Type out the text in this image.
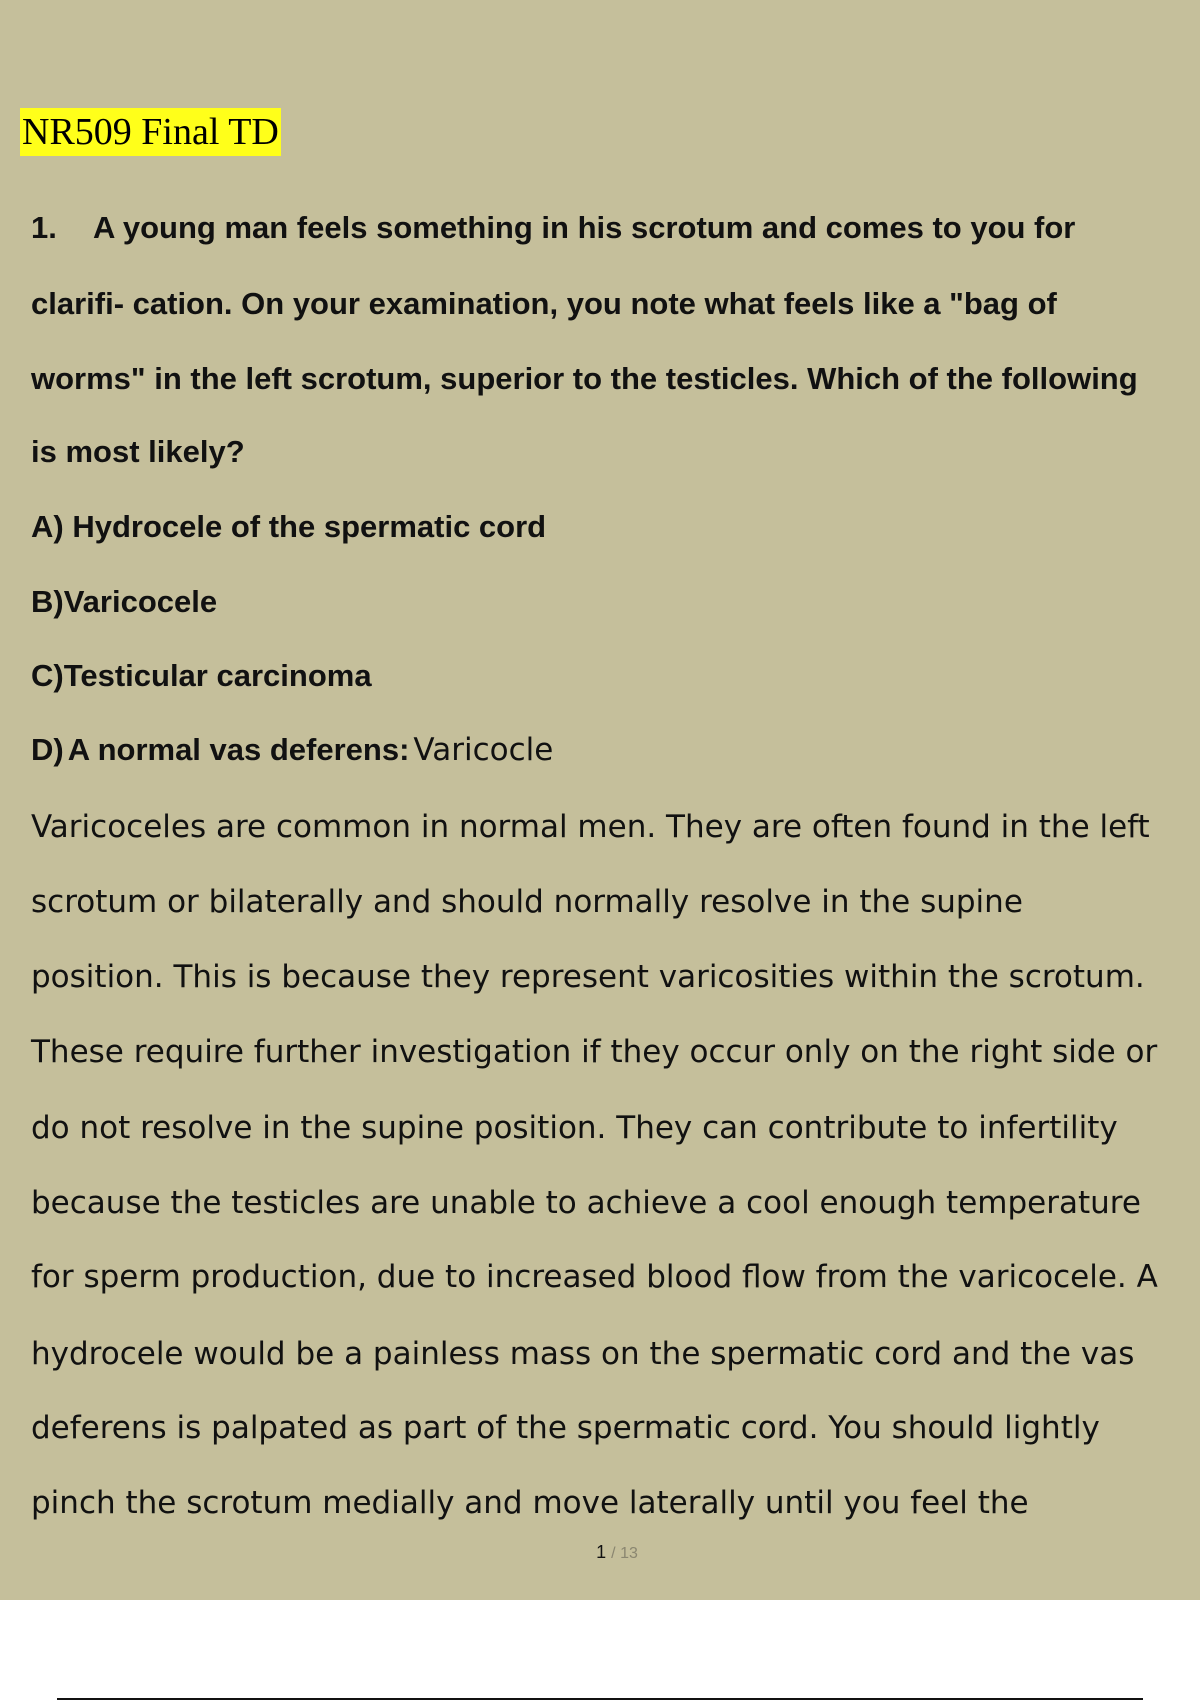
NR509 Final TD
1. A young man feels something in his scrotum and comes to you for
clarifi- cation. On your examination, you note what feels like a "bag of
worms" in the left scrotum, superior to the testicles. Which of the following
is most likely?
A) Hydrocele of the spermatic cord
B)Varicocele
C)Testicular carcinoma
D) A normal vas deferens: Varicocle
Varicoceles are common in normal men. They are often found in the left
scrotum or bilaterally and should normally resolve in the supine
position. This is because they represent varicosities within the scrotum.
These require further investigation if they occur only on the right side or
do not resolve in the supine position. They can contribute to infertility
because the testicles are unable to achieve a cool enough temperature
for sperm production, due to increased blood flow from the varicocele. A
hydrocele would be a painless mass on the spermatic cord and the vas
deferens is palpated as part of the spermatic cord. You should lightly
pinch the scrotum medially and move laterally until you feel the
1 / 13
